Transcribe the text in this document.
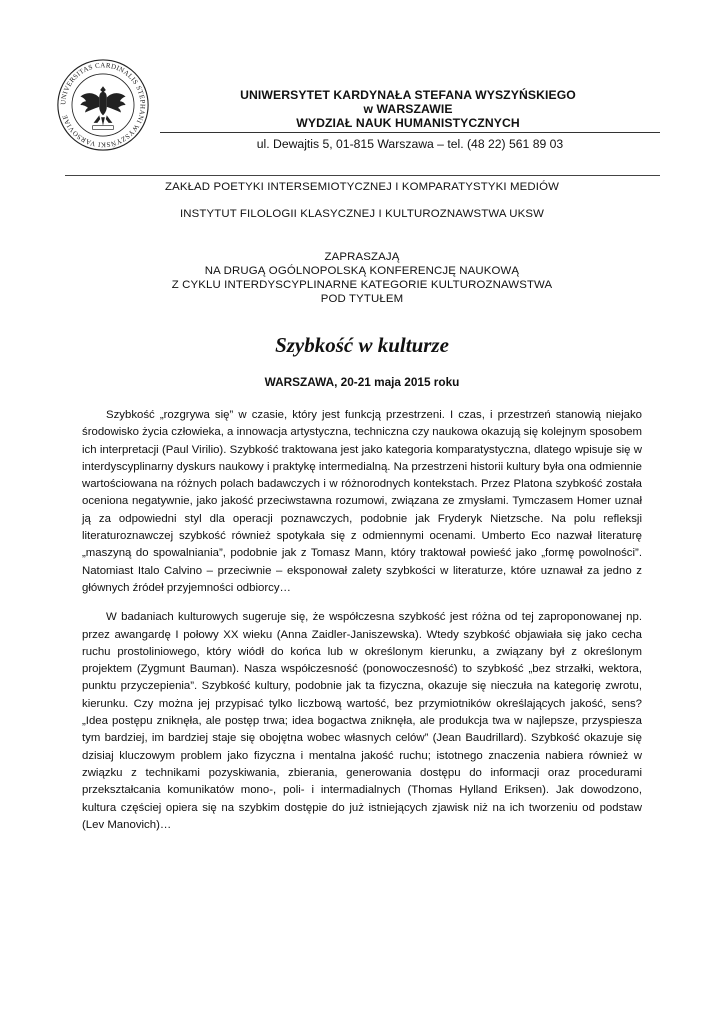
UNIVERSITAS CARDINALIS STEPHANI WYSZYŃSKI VARSOVIAE
UNIWERSYTET KARDYNAŁA STEFANA WYSZYŃSKIEGO
w WARSZAWIE
WYDZIAŁ NAUK HUMANISTYCZNYCH
ul. Dewajtis 5, 01-815 Warszawa – tel. (48 22) 561 89 03
ZAKŁAD POETYKI INTERSEMIOTYCZNEJ I KOMPARATYSTYKI MEDIÓW
INSTYTUT FILOLOGII KLASYCZNEJ I KULTUROZNAWSTWA UKSW
ZAPRASZAJĄ
NA DRUGĄ OGÓLNOPOLSKĄ KONFERENCJĘ NAUKOWĄ
Z CYKLU INTERDYSCYPLINARNE KATEGORIE KULTUROZNAWSTWA
POD TYTUŁEM
Szybkość w kulturze
WARSZAWA, 20-21 maja 2015 roku

Szybkość „rozgrywa się” w czasie, który jest funkcją przestrzeni. I czas, i przestrzeń stanowią niejako środowisko życia człowieka, a innowacja artystyczna, techniczna czy naukowa okazują się kolejnym sposobem ich interpretacji (Paul Virilio). Szybkość traktowana jest jako kategoria komparatystyczna, dlatego wpisuje się w interdyscyplinarny dyskurs naukowy i praktykę intermedialną. Na przestrzeni historii kultury była ona odmiennie wartościowana na różnych polach badawczych i w różnorodnych kontekstach. Przez Platona szybkość została oceniona negatywnie, jako jakość przeciwstawna rozumowi, związana ze zmysłami. Tymczasem Homer uznał ją za odpowiedni styl dla operacji poznawczych, podobnie jak Fryderyk Nietzsche. Na polu refleksji literaturoznawczej szybkość również spotykała się z odmiennymi ocenami. Umberto Eco nazwał literaturę „maszyną do spowalniania”, podobnie jak z Tomasz Mann, który traktował powieść jako „formę powolności”. Natomiast Italo Calvino – przeciwnie – eksponował zalety szybkości w literaturze, które uznawał za jedno z głównych źródeł przyjemności odbiorcy…

W badaniach kulturowych sugeruje się, że współczesna szybkość jest różna od tej zaproponowanej np. przez awangardę I połowy XX wieku (Anna Zaidler-Janiszewska). Wtedy szybkość objawiała się jako cecha ruchu prostoliniowego, który wiódł do końca lub w określonym kierunku, a związany był z określonym projektem (Zygmunt Bauman). Nasza współczesność (ponowoczesność) to szybkość „bez strzałki, wektora, punktu przyczepienia”. Szybkość kultury, podobnie jak ta fizyczna, okazuje się nieczuła na kategorię zwrotu, kierunku. Czy można jej przypisać tylko liczbową wartość, bez przymiotników określających jakość, sens? „Idea postępu zniknęła, ale postęp trwa; idea bogactwa zniknęła, ale produkcja twa w najlepsze, przyspiesza tym bardziej, im bardziej staje się obojętna wobec własnych celów” (Jean Baudrillard). Szybkość okazuje się dzisiaj kluczowym problem jako fizyczna i mentalna jakość ruchu; istotnego znaczenia nabiera również w związku z technikami pozyskiwania, zbierania, generowania dostępu do informacji oraz procedurami przekształcania komunikatów mono-, poli- i intermadialnych (Thomas Hylland Eriksen). Jak dowodzono, kultura częściej opiera się na szybkim dostępie do już istniejących zjawisk niż na ich tworzeniu od podstaw (Lev Manovich)…
